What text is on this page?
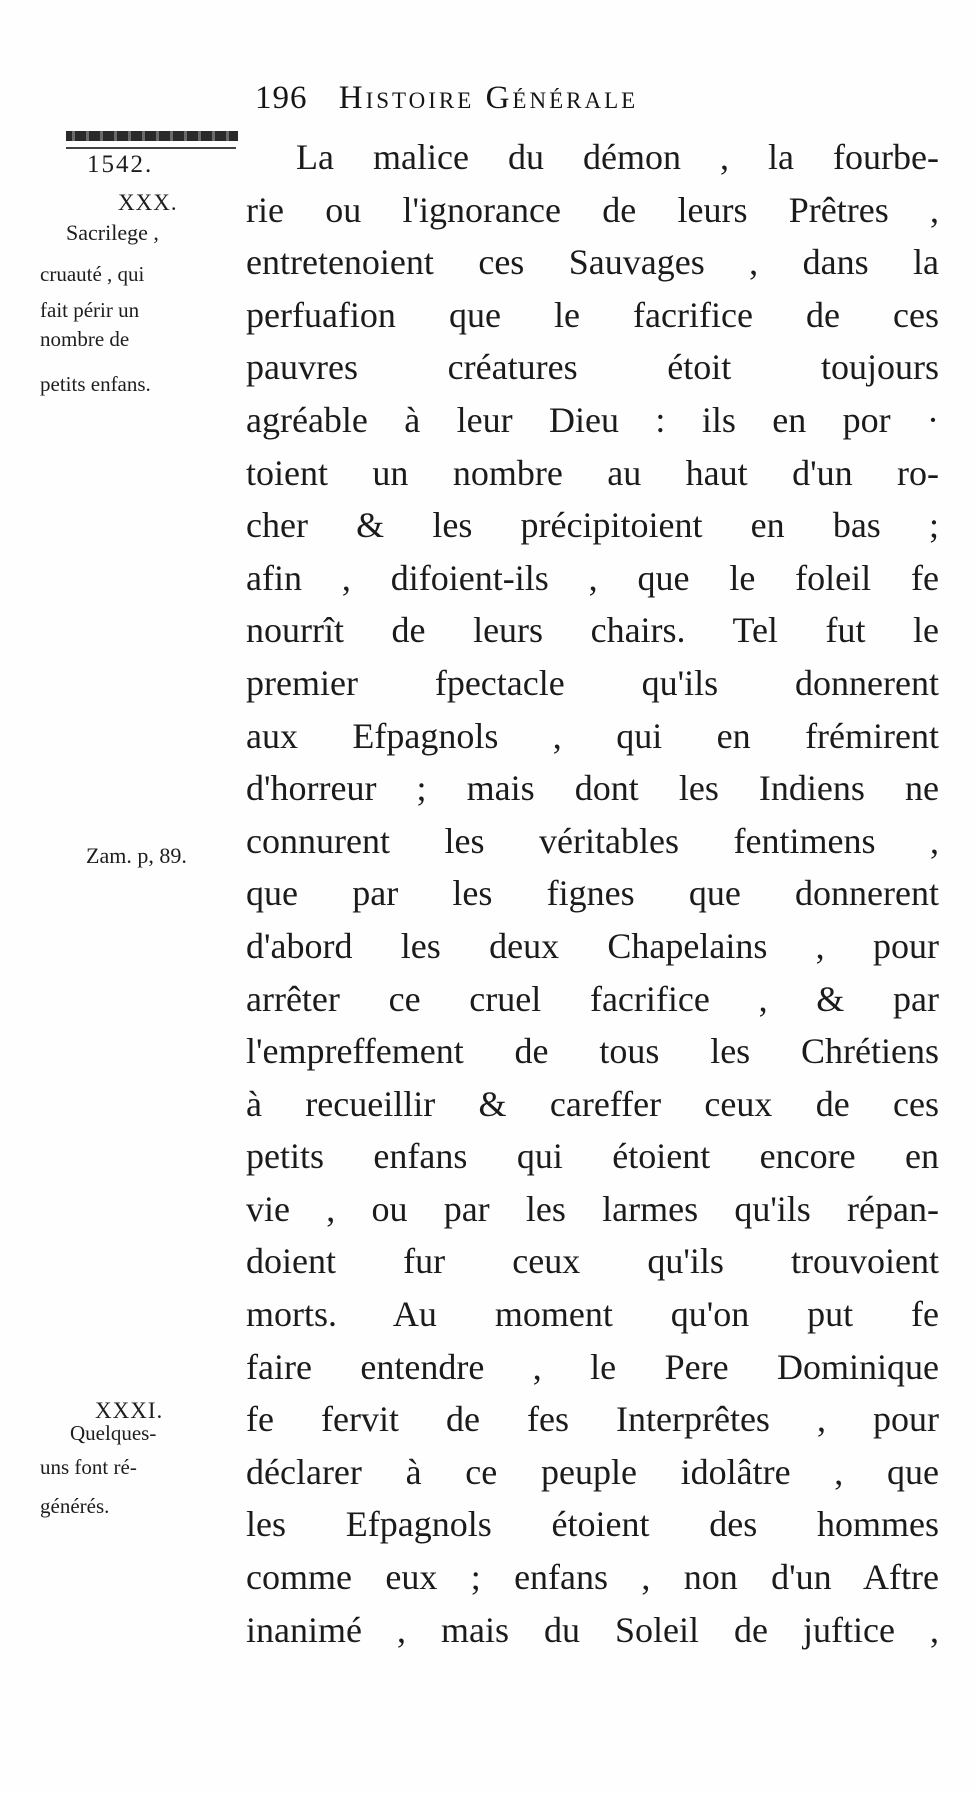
196 Histoire Générale
1542.
XXX.
Sacrilege ,
cruauté , qui
fait périr un
nombre de
petits enfans.
Zam. p, 89.
XXXI.
Quelques-
uns font ré-
générés.
La malice du démon , la fourbe-
rie ou l'ignorance de leurs Prêtres ,
entretenoient ces Sauvages , dans la
perfuafion que le facrifice de ces
pauvres créatures étoit toujours
agréable à leur Dieu : ils en por ·
toient un nombre au haut d'un ro-
cher & les précipitoient en bas ;
afin , difoient-ils , que le foleil fe
nourrît de leurs chairs. Tel fut le
premier fpectacle qu'ils donnerent
aux Efpagnols , qui en frémirent
d'horreur ; mais dont les Indiens ne
connurent les véritables fentimens ,
que par les fignes que donnerent
d'abord les deux Chapelains , pour
arrêter ce cruel facrifice , & par
l'empreffement de tous les Chrétiens
à recueillir & careffer ceux de ces
petits enfans qui étoient encore en
vie , ou par les larmes qu'ils répan-
doient fur ceux qu'ils trouvoient
morts. Au moment qu'on put fe
faire entendre , le Pere Dominique
fe fervit de fes Interprêtes , pour
déclarer à ce peuple idolâtre , que
les Efpagnols étoient des hommes
comme eux ; enfans , non d'un Aftre
inanimé , mais du Soleil de juftice ,
